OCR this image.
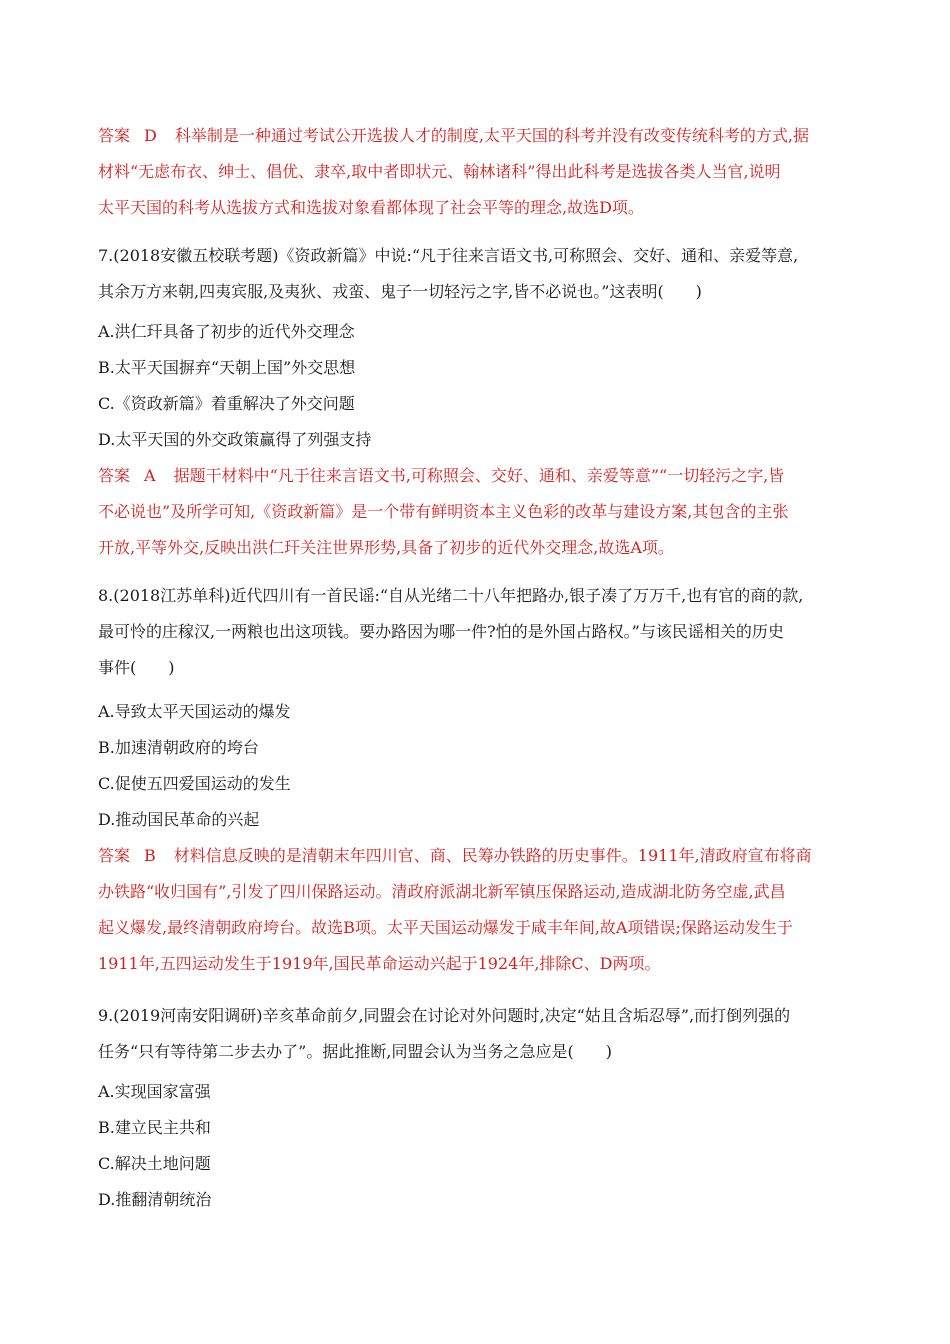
答案 D 科举制是一种通过考试公开选拔人才的制度,太平天国的科考并没有改变传统科考的方式,据
材料“无虑布衣、绅士、倡优、隶卒,取中者即状元、翰林诸科”得出此科考是选拔各类人当官,说明
太平天国的科考从选拔方式和选拔对象看都体现了社会平等的理念,故选D项。
7.(2018安徽五校联考题)《资政新篇》中说:“凡于往来言语文书,可称照会、交好、通和、亲爱等意,
其余万方来朝,四夷宾服,及夷狄、戎蛮、鬼子一切轻污之字,皆不必说也。”这表明(　　)
A.洪仁玕具备了初步的近代外交理念
B.太平天国摒弃“天朝上国”外交思想
C.《资政新篇》着重解决了外交问题
D.太平天国的外交政策赢得了列强支持
答案 A 据题干材料中“凡于往来言语文书,可称照会、交好、通和、亲爱等意”“一切轻污之字,皆
不必说也”及所学可知,《资政新篇》是一个带有鲜明资本主义色彩的改革与建设方案,其包含的主张
开放,平等外交,反映出洪仁玕关注世界形势,具备了初步的近代外交理念,故选A项。
8.(2018江苏单科)近代四川有一首民谣:“自从光绪二十八年把路办,银子凑了万万千,也有官的商的款,
最可怜的庄稼汉,一两粮也出这项钱。要办路因为哪一件?怕的是外国占路权。”与该民谣相关的历史
事件(　　)
A.导致太平天国运动的爆发
B.加速清朝政府的垮台
C.促使五四爱国运动的发生
D.推动国民革命的兴起
答案 B 材料信息反映的是清朝末年四川官、商、民筹办铁路的历史事件。1911年,清政府宣布将商
办铁路“收归国有”,引发了四川保路运动。清政府派湖北新军镇压保路运动,造成湖北防务空虚,武昌
起义爆发,最终清朝政府垮台。故选B项。太平天国运动爆发于咸丰年间,故A项错误;保路运动发生于
1911年,五四运动发生于1919年,国民革命运动兴起于1924年,排除C、D两项。
9.(2019河南安阳调研)辛亥革命前夕,同盟会在讨论对外问题时,决定“姑且含垢忍辱”,而打倒列强的
任务“只有等待第二步去办了”。据此推断,同盟会认为当务之急应是(　　)
A.实现国家富强
B.建立民主共和
C.解决土地问题
D.推翻清朝统治
